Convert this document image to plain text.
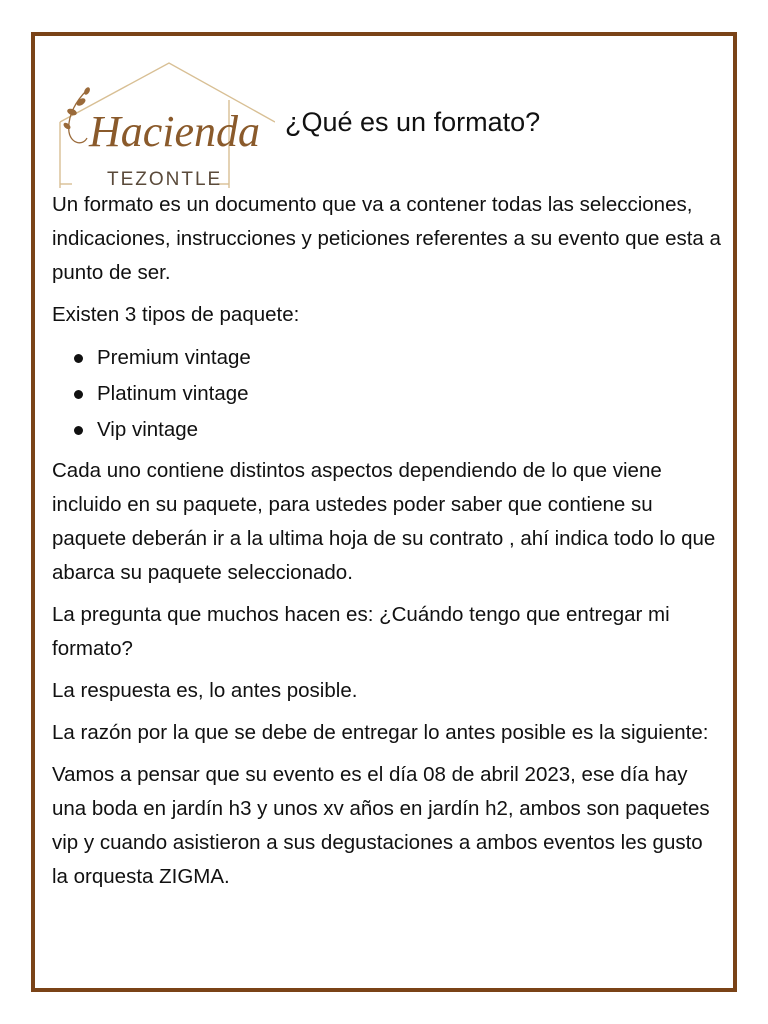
Hacienda
TEZONTLE
¿Qué es un formato?

Un formato es un documento que va a contener todas las selecciones, indicaciones, instrucciones y peticiones referentes a su evento que esta a punto de ser.

Existen 3 tipos de paquete:

Premium vintage
Platinum vintage
Vip vintage

Cada uno contiene distintos aspectos dependiendo de lo que viene incluido en su paquete, para ustedes poder saber que contiene su paquete deberán ir a la ultima hoja de su contrato , ahí indica todo lo que abarca su paquete seleccionado.

La pregunta que muchos hacen es: ¿Cuándo tengo que entregar mi formato?

La respuesta es, lo antes posible.

La razón por la que se debe de entregar lo antes posible es la siguiente:

Vamos a pensar que su evento es el día 08 de abril 2023, ese día hay una boda en jardín h3 y unos xv años en jardín h2, ambos son paquetes vip y cuando asistieron a sus degustaciones a ambos eventos les gusto la orquesta ZIGMA.
